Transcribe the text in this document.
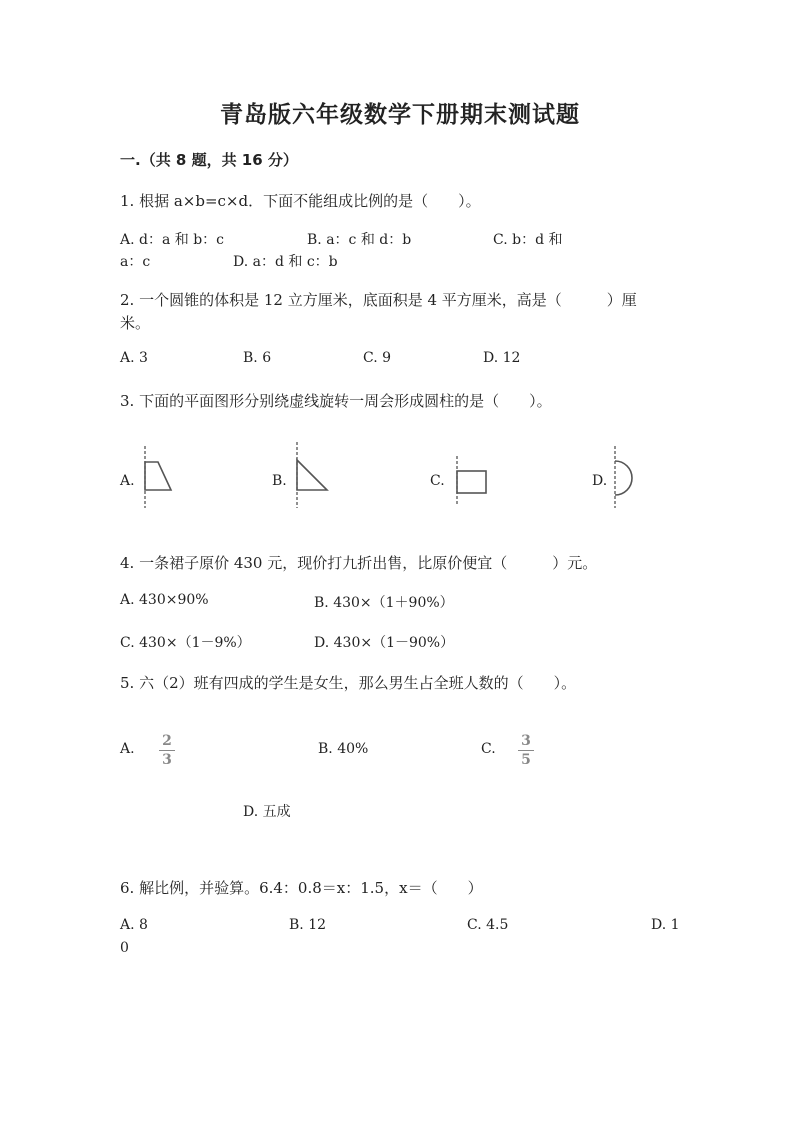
青岛版六年级数学下册期末测试题
一.（共 8 题，共 16 分）
1. 根据 a×b=c×d．下面不能组成比例的是（　　）。
A. d：a 和 b：c	B. a：c 和 d：b	C. b：d 和
a：c	D. a：d 和 c：b
2. 一个圆锥的体积是 12 立方厘米，底面积是 4 平方厘米，高是（　　　）厘
米。
A. 3	B. 6	C. 9	D. 12
3. 下面的平面图形分别绕虚线旋转一周会形成圆柱的是（　　）。
A.	B.	C.	D.
4. 一条裙子原价 430 元，现价打九折出售，比原价便宜（　　　）元。
A. 430×90%	B. 430×（1＋90%）
C. 430×（1－9%）	D. 430×（1－90%）
5. 六（2）班有四成的学生是女生，那么男生占全班人数的（　　）。
A. 2
3
B. 40%	C. 3
5
D. 五成
6. 解比例，并验算。6.4：0.8＝x：1.5，x＝（　　）
A. 8	B. 12	C. 4.5	D. 1
0
